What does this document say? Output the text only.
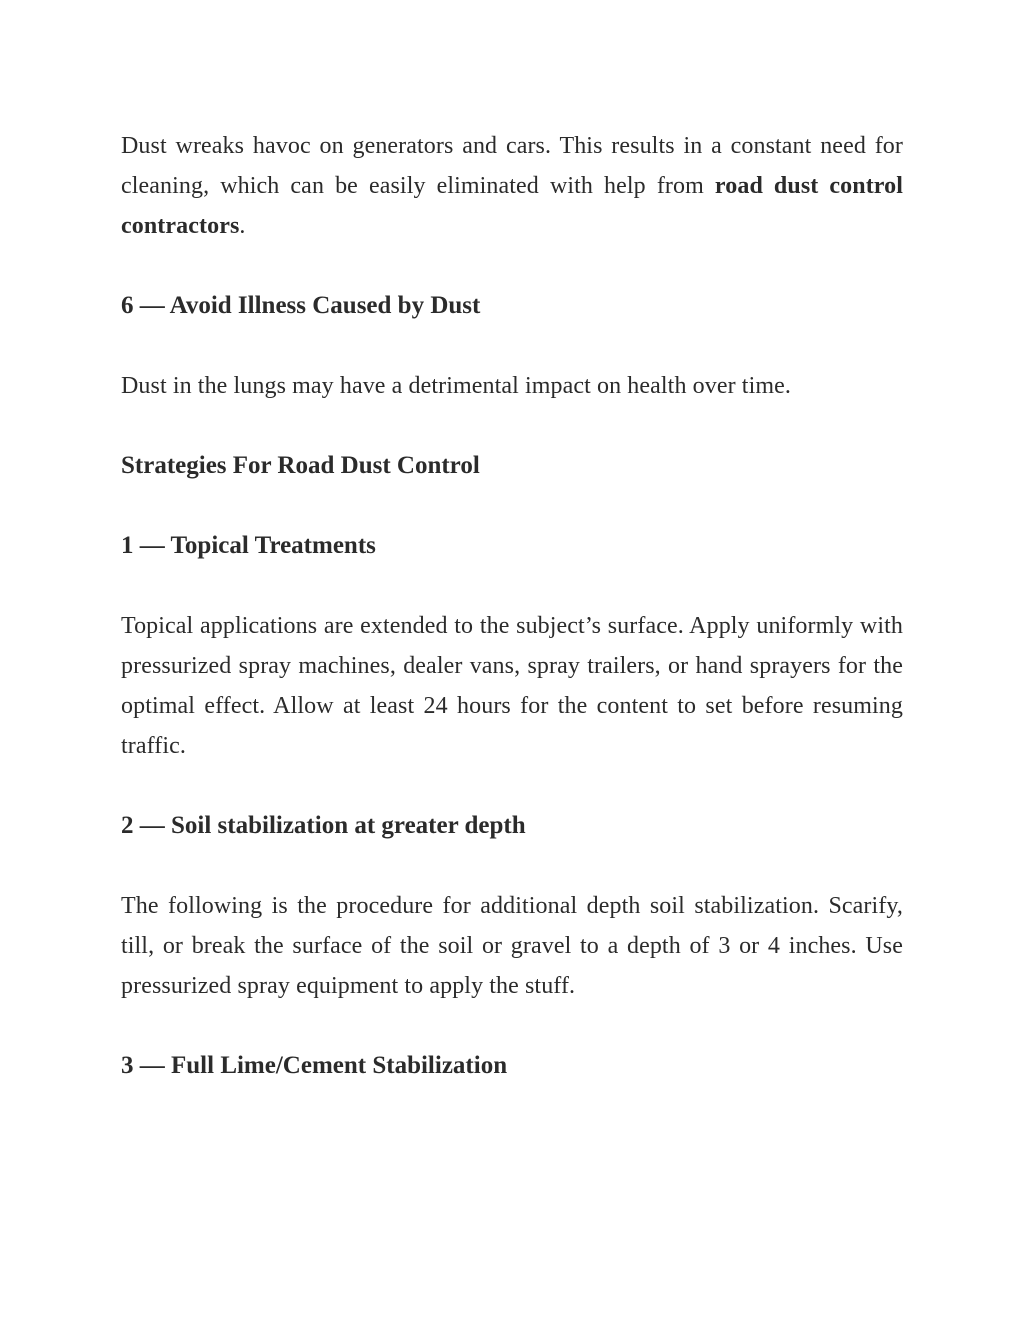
Dust wreaks havoc on generators and cars. This results in a constant need for cleaning, which can be easily eliminated with help from road dust control contractors.

6 — Avoid Illness Caused by Dust

Dust in the lungs may have a detrimental impact on health over time.

Strategies For Road Dust Control
1 — Topical Treatments

Topical applications are extended to the subject’s surface. Apply uniformly with pressurized spray machines, dealer vans, spray trailers, or hand sprayers for the optimal effect. Allow at least 24 hours for the content to set before resuming traffic.

2 — Soil stabilization at greater depth

The following is the procedure for additional depth soil stabilization. Scarify, till, or break the surface of the soil or gravel to a depth of 3 or 4 inches. Use pressurized spray equipment to apply the stuff.

3 — Full Lime/Cement Stabilization
